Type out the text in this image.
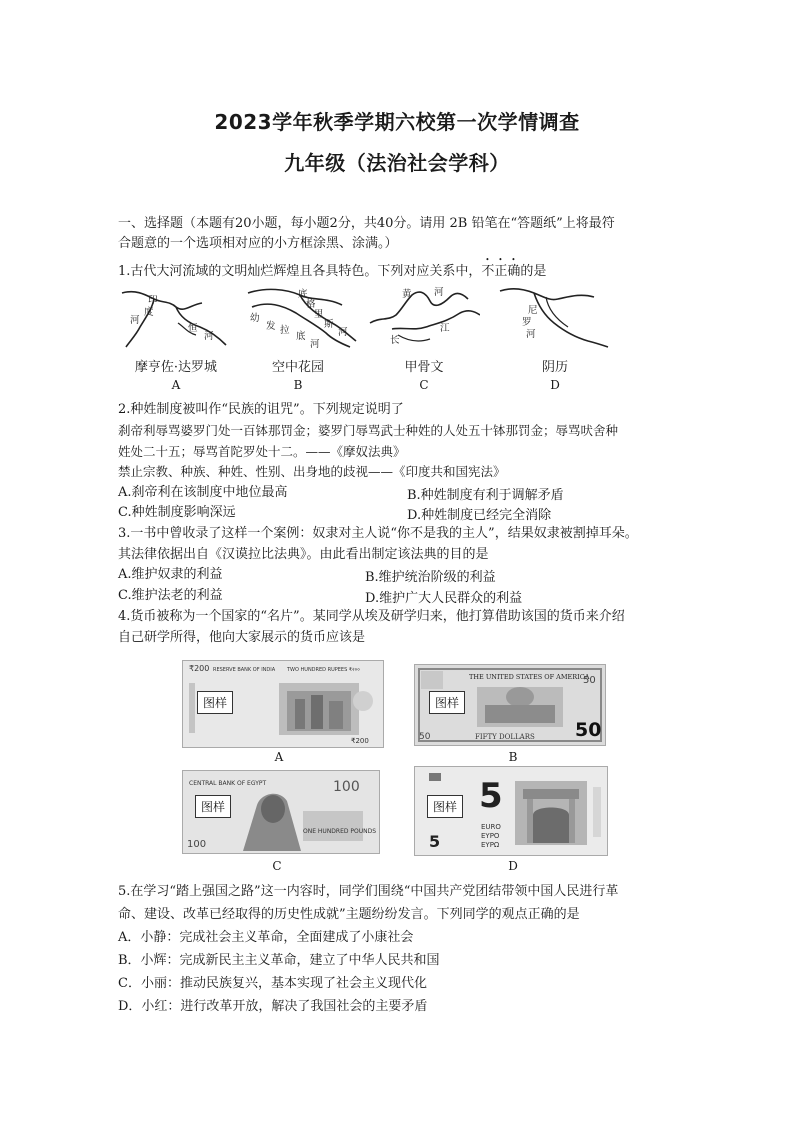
2023学年秋季学期六校第一次学情调查
九年级（法治社会学科）
一、选择题（本题有20小题，每小题2分，共40分。请用 2B 铅笔在“答题纸”上将最符
合题意的一个选项相对应的小方框涂黑、涂满。）
1.古代大河流域的文明灿烂辉煌且各具特色。下列对应关系中，不正确的是
印
度
河
恒
河
底
格
里
斯
河
幼
发 拉
底
河
黄 河
长
江
尼
罗
河
摩亨佐·达罗城	空中花园	甲骨文	阴历
A	B	C	D
2.种姓制度被叫作“民族的诅咒”。下列规定说明了
刹帝利辱骂婆罗门处一百钵那罚金；婆罗门辱骂武士种姓的人处五十钵那罚金；辱骂吠舍种
姓处二十五；辱骂首陀罗处十二。——《摩奴法典》
禁止宗教、种族、种姓、性别、出身地的歧视——《印度共和国宪法》
A.刹帝利在该制度中地位最高	B.种姓制度有利于调解矛盾
C.种姓制度影响深远	D.种姓制度已经完全消除
3.一书中曾收录了这样一个案例：奴隶对主人说“你不是我的主人”，结果奴隶被割掉耳朵。
其法律依据出自《汉谟拉比法典》。由此看出制定该法典的目的是
A.维护奴隶的利益	B.维护统治阶级的利益
C.维护法老的利益	D.维护广大人民群众的利益
4.货币被称为一个国家的“名片”。某同学从埃及研学归来，他打算借助该国的货币来介绍
自己研学所得，他向大家展示的货币应该是
₹200 RESERVE BANK OF INDIA TWO HUNDRED RUPEES ₹२००
₹200
图样
A
THE UNITED STATES OF AMERICA
50
FIFTY DOLLARS
50
图样
50
B
CENTRAL BANK OF EGYPT	100
ONE HUNDRED POUNDS
100
图样
C
5
EURO
EYPO
ΕΥΡΩ
5
图样
D
5.在学习“踏上强国之路”这一内容时，同学们围绕“中国共产党团结带领中国人民进行革
命、建设、改革已经取得的历史性成就”主题纷纷发言。下列同学的观点正确的是
A．小静：完成社会主义革命，全面建成了小康社会
B．小辉：完成新民主主义革命，建立了中华人民共和国
C．小丽：推动民族复兴，基本实现了社会主义现代化
D．小红：进行改革开放，解决了我国社会的主要矛盾
